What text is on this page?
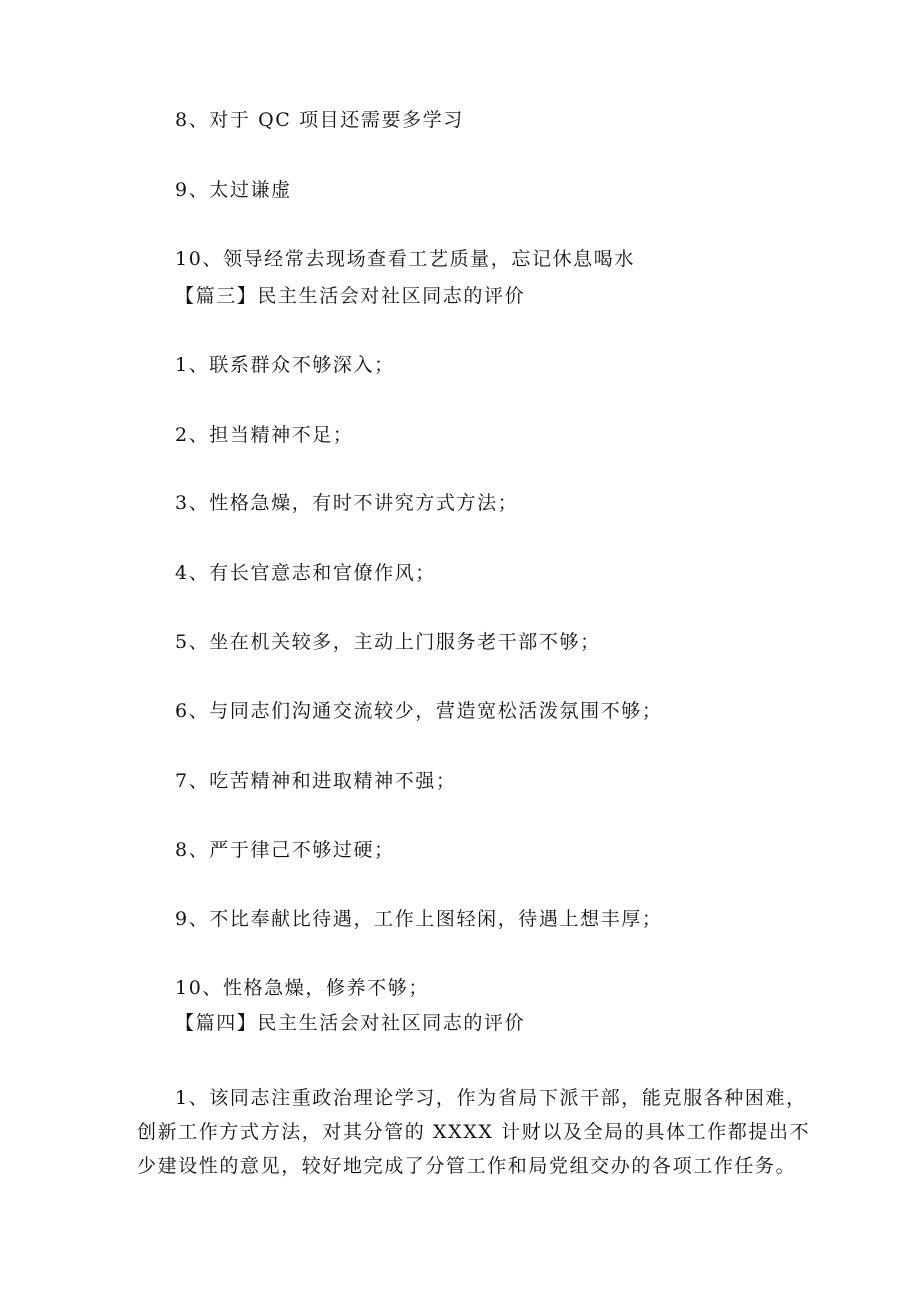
8、对于 QC 项目还需要多学习
9、太过谦虚
10、领导经常去现场查看工艺质量，忘记休息喝水
【篇三】民主生活会对社区同志的评价
1、联系群众不够深入；
2、担当精神不足；
3、性格急燥，有时不讲究方式方法；
4、有长官意志和官僚作风；
5、坐在机关较多，主动上门服务老干部不够；
6、与同志们沟通交流较少，营造宽松活泼氛围不够；
7、吃苦精神和进取精神不强；
8、严于律己不够过硬；
9、不比奉献比待遇，工作上图轻闲，待遇上想丰厚；
10、性格急燥，修养不够；
【篇四】民主生活会对社区同志的评价
1、该同志注重政治理论学习，作为省局下派干部，能克服各种困难，
创新工作方式方法，对其分管的 XXXX 计财以及全局的具体工作都提出不
少建设性的意见，较好地完成了分管工作和局党组交办的各项工作任务。
